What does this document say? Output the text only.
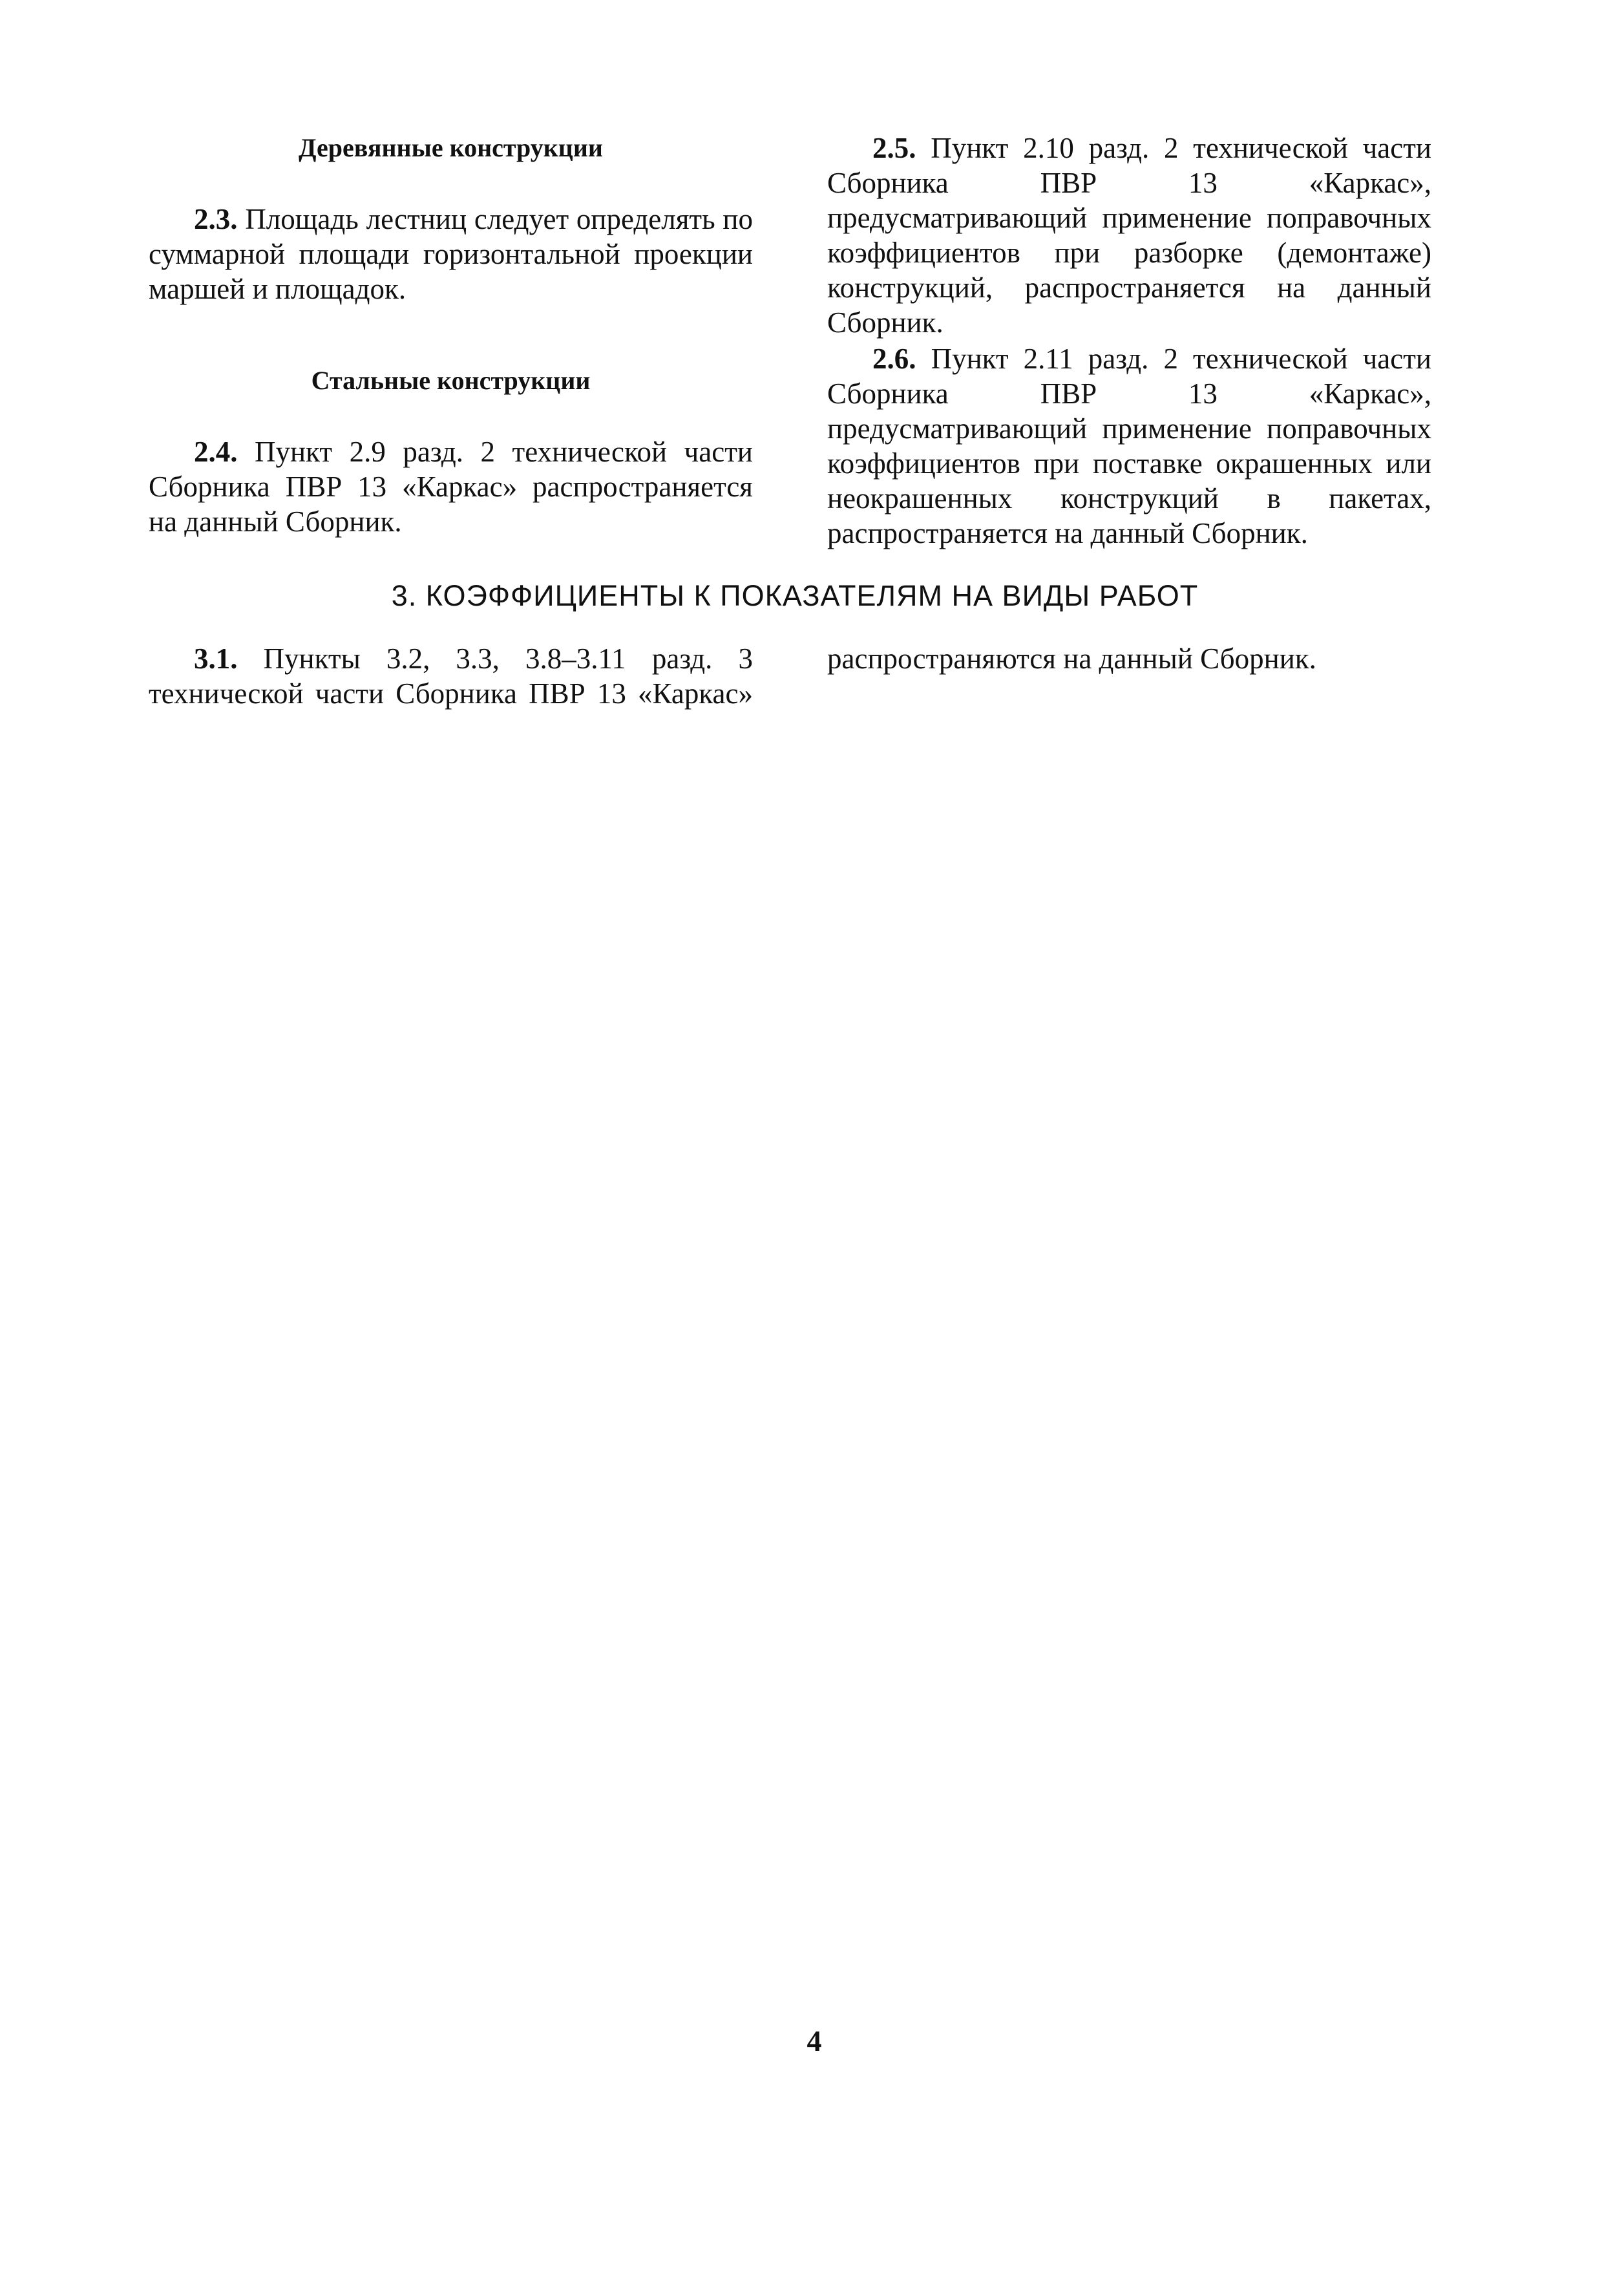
Деревянные конструкции

2.3. Площадь лестниц следует определять по суммарной площади горизонтальной проекции маршей и площадок.

Стальные конструкции

2.4. Пункт 2.9 разд. 2 технической части Сборника ПВР 13 «Каркас» распространяется на данный Сборник.

2.5. Пункт 2.10 разд. 2 технической части Сборника ПВР 13 «Каркас», предусматривающий применение поправочных коэффициентов при разборке (демонтаже) конструкций, распространяется на данный Сборник.

2.6. Пункт 2.11 разд. 2 технической части Сборника ПВР 13 «Каркас», предусматривающий применение поправочных коэффициентов при поставке окрашенных или неокрашенных конструкций в пакетах, распространяется на данный Сборник.

3. КОЭФФИЦИЕНТЫ К ПОКАЗАТЕЛЯМ НА ВИДЫ РАБОТ

3.1. Пункты 3.2, 3.3, 3.8–3.11 разд. 3 технической части Сборника ПВР 13 «Каркас» распространяются на данный Сборник.

4
